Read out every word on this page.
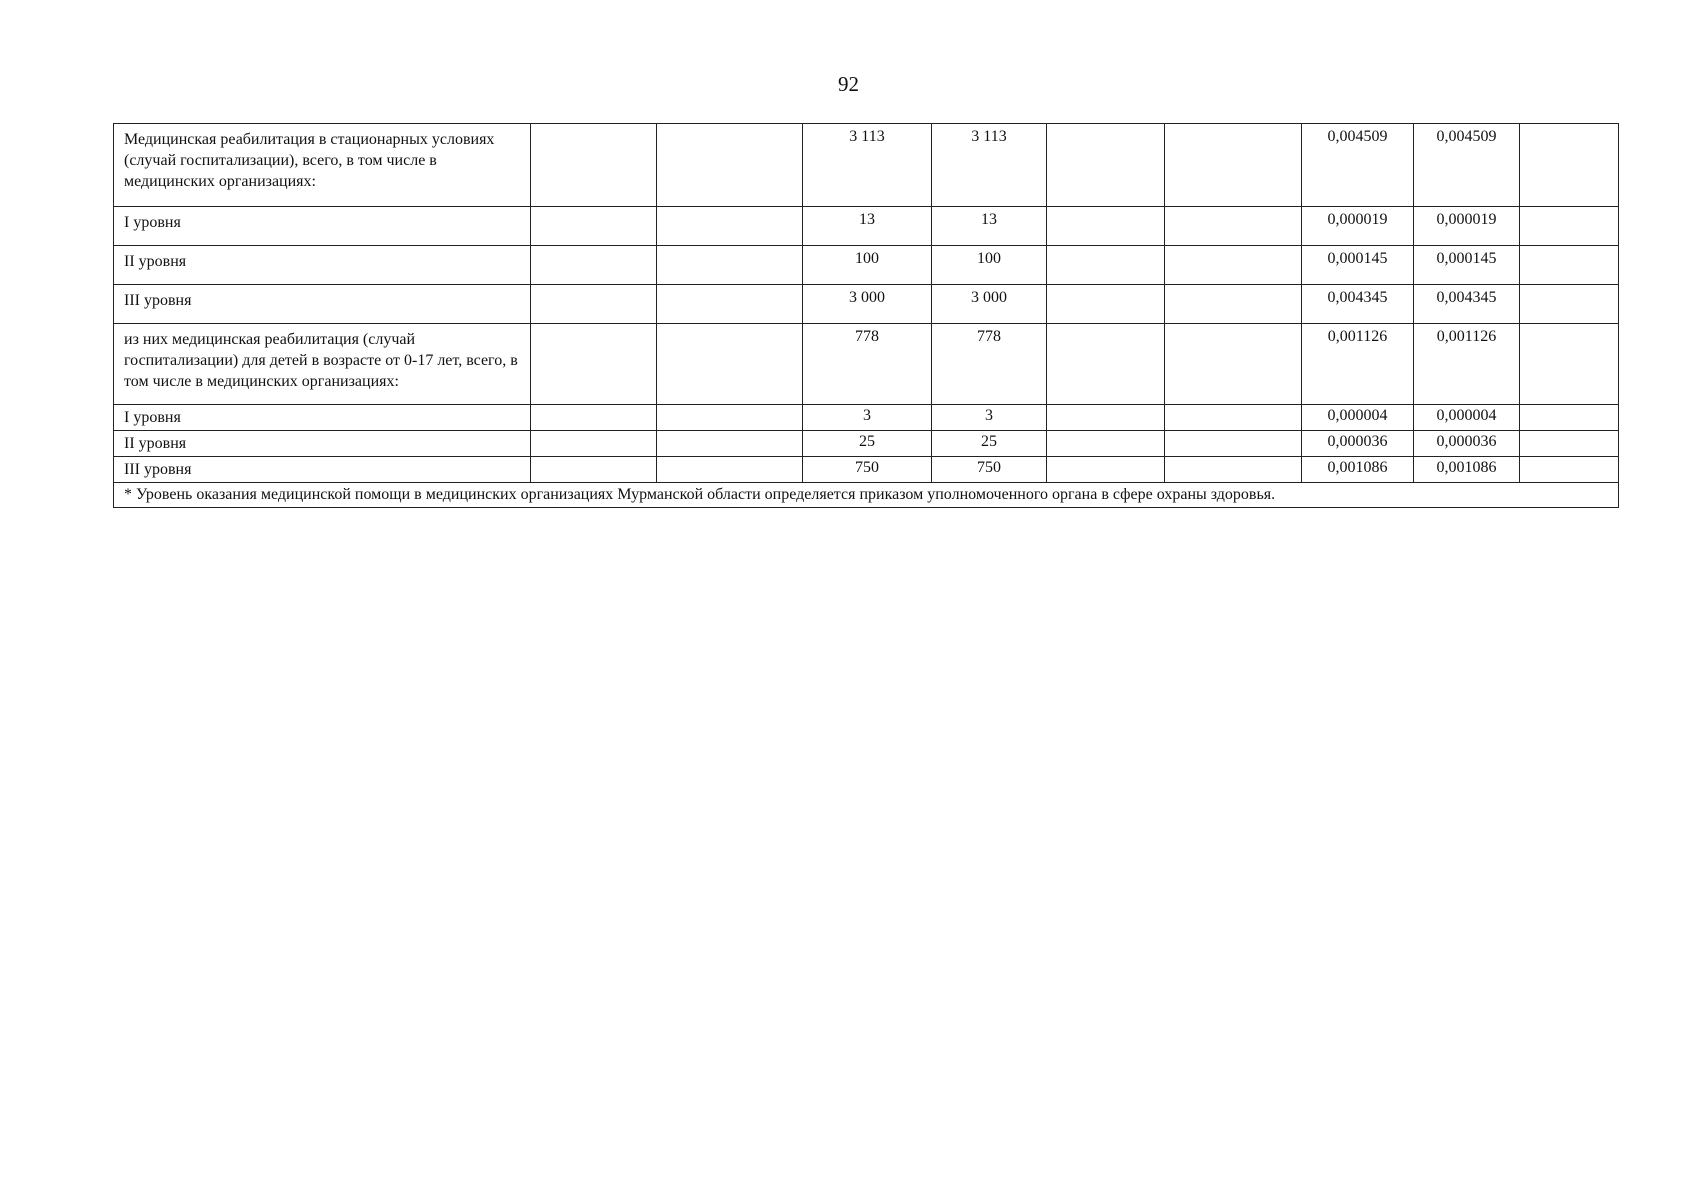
92
Медицинская реабилитация в стационарных условиях (случай госпитализации), всего, в том числе в медицинских организациях:			3 113	3 113			0,004509	0,004509	
I уровня			13	13			0,000019	0,000019	
II уровня			100	100			0,000145	0,000145	
III уровня			3 000	3 000			0,004345	0,004345	
из них медицинская реабилитация (случай госпитализации) для детей в возрасте от 0-17 лет, всего, в том числе в медицинских организациях:			778	778			0,001126	0,001126	
I уровня			3	3			0,000004	0,000004	
II уровня			25	25			0,000036	0,000036	
III уровня			750	750			0,001086	0,001086	
* Уровень оказания медицинской помощи в медицинских организациях Мурманской области определяется приказом уполномоченного органа в сфере охраны здоровья.									
